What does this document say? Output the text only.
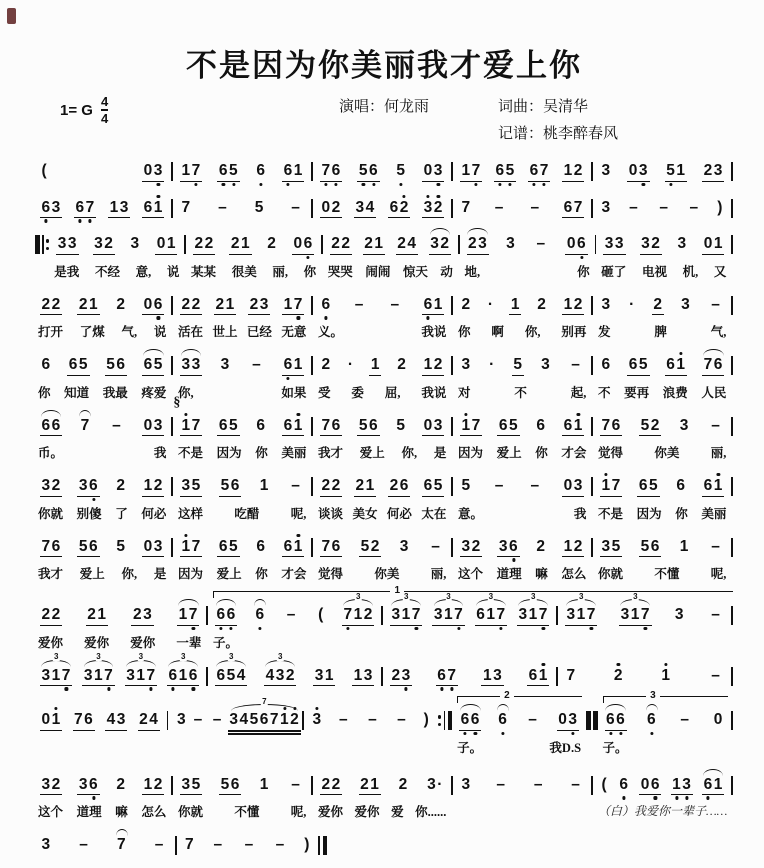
不是因为你美丽我才爱上你
1= G $\frac{4}{4}$	演唱：何龙雨	词曲：吴清华
记谱：桃李醉春风
(	0 3 1 7 6 5 6 6 1 7 6 5 6 5 0 3 1 7 6 5 6 7 1 2 3 0 3 5 1 2 3
6 3 6 7 1 3 6 1 7 – 5 – 0 2 3 4 6 2 3 2 7 – – 6 7 3 – – – )
3 3 3 2 3 0 1
是我 不经 意, 说
2 2 2 1 2 0 6
某某 很美 丽, 你
2 2 2 1 2 4 3 2
哭哭 闹闹 惊天 动
2 3 3 – 0 6
地,	你
3 3 3 2 3 0 1
砸了 电视 机, 又
2 2 2 1 2 0 6
打开 了煤 气, 说
2 2 2 1 2 3 1 7
活在 世上 已经 无意
6 – – 6 1
义。	我说
2 · 1 2 1 2
你 啊 你, 别再
3 · 2 3 –
发	脾	气,
6 6 5 5 6 6 5
你 知道 我最 疼爱
3 3 3 – 6 1
你,	如果
2 · 1 2 1 2
受 委 屈, 我说
3 · 5 3 –
对	不	起,
6 6 5 6 1 7 6
不 要再 浪费 人民
6 6 7 – 0 3
币。	我
§
1 7 6 5 6 6 1
不是 因为 你 美丽
7 6 5 6 5 0 3
我才 爱上 你, 是
1 7 6 5 6 6 1
因为 爱上 你 才会
7 6 5 2 3 –
觉得	你美	丽,
3 2 3 6 2 1 2
你就 别傻 了 何必
3 5 5 6 1 –
这样	吃醋	呢,
2 2 2 1 2 6 6 5
谈谈 美女 何必 太在
5 – – 0 3
意。	我
1 7 6 5 6 6 1
不是 因为 你 美丽
7 6 5 6 5 0 3
我才 爱上 你, 是
1 7 6 5 6 6 1
因为 爱上 你 才会
7 6 5 2 3 –
觉得	你美	丽,
3 2 3 6 2 1 2
这个 道理 嘛 怎么
3 5 5 6 1 –
你就	不懂	呢,
2 2 2 1 2 3 1 7
爱你 爱你 爱你 一辈
6 6 6 – (
3
7 1 2
子。
3
3 1 7
3
3 1 7
3
6 1 7
3
3 1 7
3
3 1 7
3
3 1 7 3 –
1
3
3 1 7
3
3 1 7
3
3 1 7
3
6 1 6
3
6 5 4
3
4 3 2 3 1 1 3 2 3 6 7 1 3 6 1 7 2 1	–
0 1 7 6 4 3 2 4 3 – –
7
3 4 5 6 7 1 2 3 – – – ) 6 6 6 – 0 3
子。	我D.S
6 6 6 – 0
子。
2	3
3 2 3 6 2 1 2
这个 道理 嘛 怎么
3 5 5 6 1 –
你就	不懂	呢,
2 2 2 1 2 3 ·
爱你 爱你 爱 你......
3 – – – ( 6 0 6 1 3 6 1
（白）我爱你一辈子……
3 – 7 – 7 – – – )
